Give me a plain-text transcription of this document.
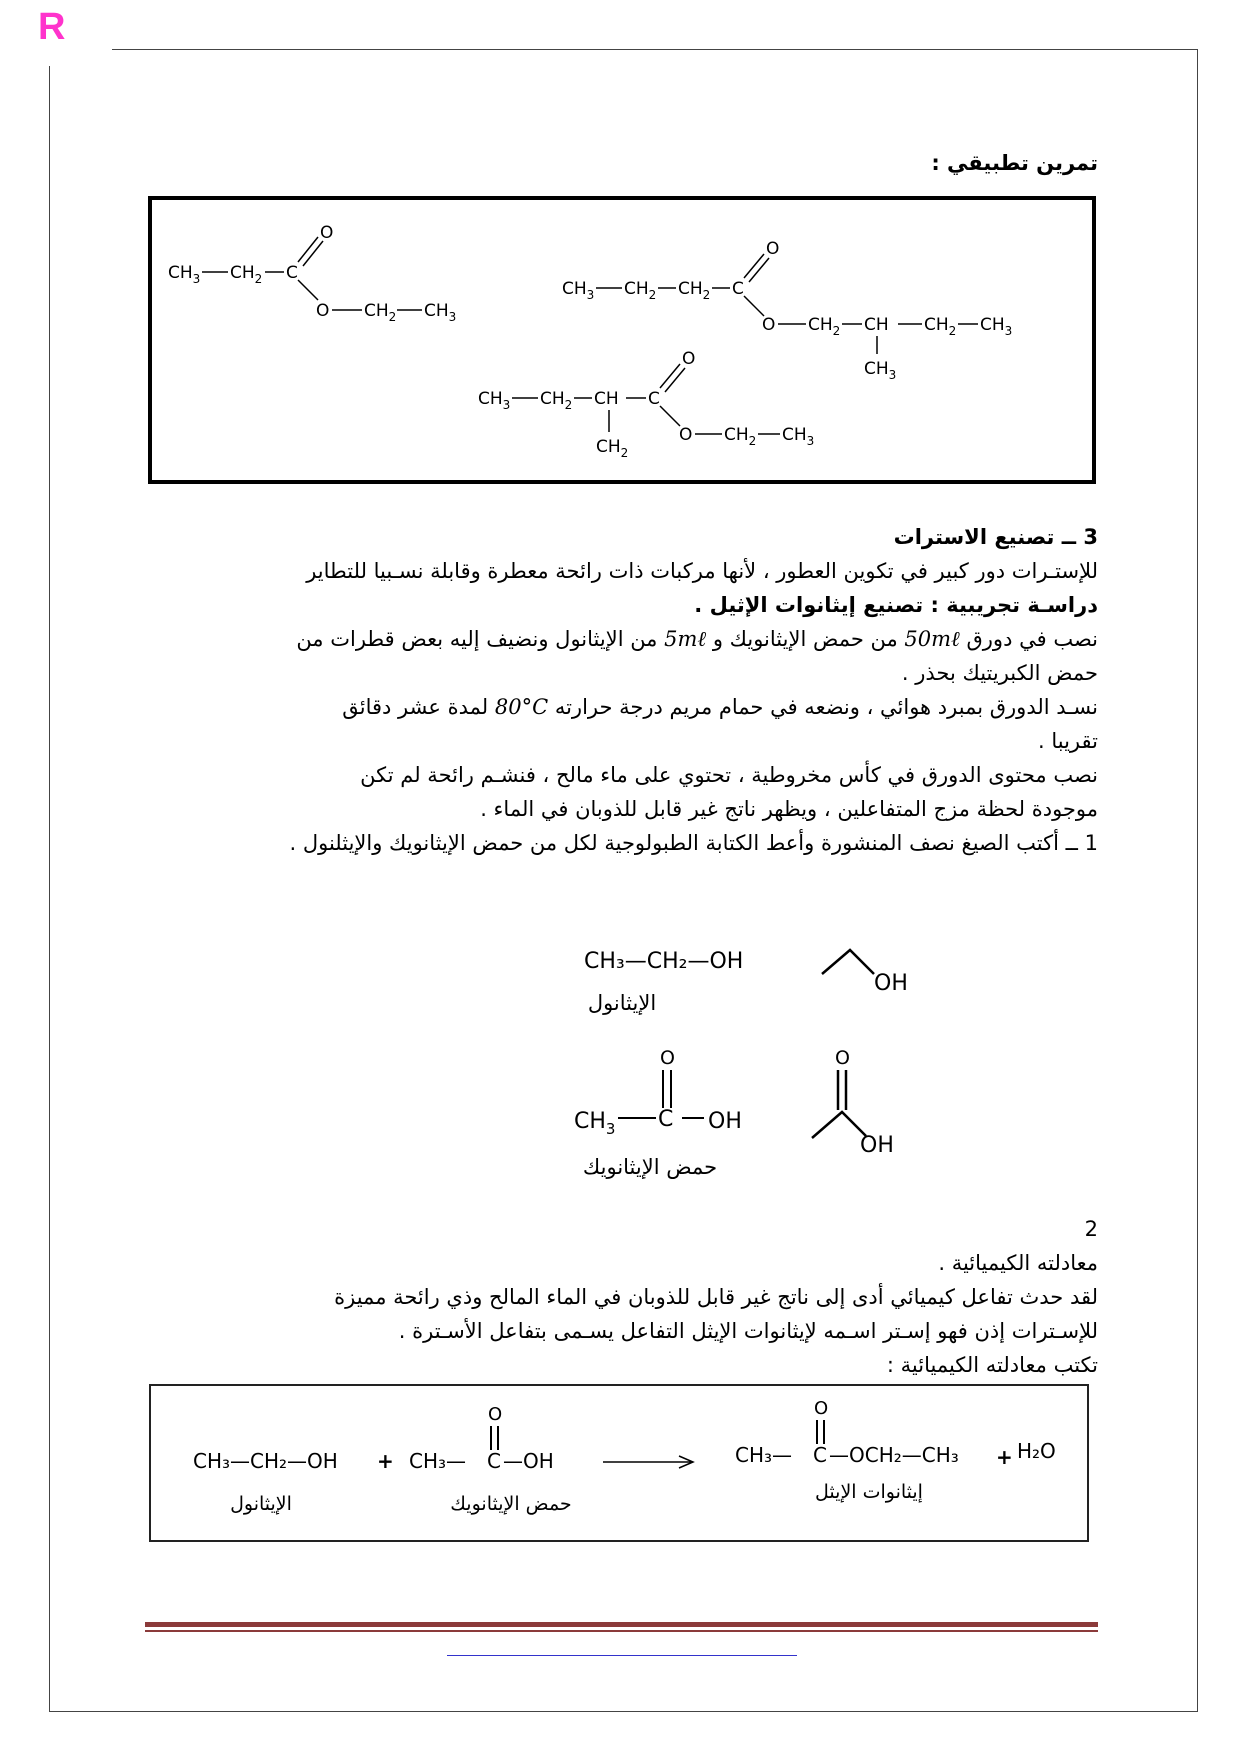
R
تمرين تطبيقي :
$CH_3$ $CH_2$ C
O
O $CH_2$ $CH_3$
$CH_3$ $CH_2$ $CH_2$ C
O
O $CH_2$ CH $CH_2$ $CH_3$
$CH_3$
$CH_3$ $CH_2$ CH C
O
O $CH_2$ $CH_3$
$CH_2$
3 ــ تصنيع الاسترات
للإستـرات دور كبير في تكوين العطور ، لأنها مركبات ذات رائحة معطرة وقابلة نسـبيا للتطاير
دراسـة تجريبية : تصنيع إيثانوات الإثيل .
نصب في دورق 50mℓ من حمض الإيثانويك و 5mℓ من الإيثانول ونضيف إليه بعض قطرات من
حمض الكبريتيك بحذر .
نسـد الدورق بمبرد هوائي ، ونضعه في حمام مريم درجة حرارته 80°C لمدة عشر دقائق
تقريبا .
نصب محتوى الدورق في كأس مخروطية ، تحتوي على ماء مالح ، فنشـم رائحة لم تكن
موجودة لحظة مزج المتفاعلين ، ويظهر ناتج غير قابل للذوبان في الماء .
1 ــ أكتب الصيغ نصف المنشورة وأعط الكتابة الطبولوجية لكل من حمض الإيثانويك والإيثلنول .
CH₃—CH₂—OH
الإيثانول
OH
O
$CH_3$ C OH
حمض الإيثانويك
O
OH
2
معادلته الكيميائية .
لقد حدث تفاعل كيميائي أدى إلى ناتج غير قابل للذوبان في الماء المالح وذي رائحة مميزة
للإسـترات إذن فهو إسـتر اسـمه لإيثانوات الإيثل التفاعل يسـمى بتفاعل الأسـترة .
تكتب معادلته الكيميائية :
CH₃—CH₂—OH
الإيثانول
+ CH₃—
O
C —OH
حمض الإيثانويك
CH₃—
O
C —OCH₂—CH₃ + H₂O
إيثانوات الإيثل
